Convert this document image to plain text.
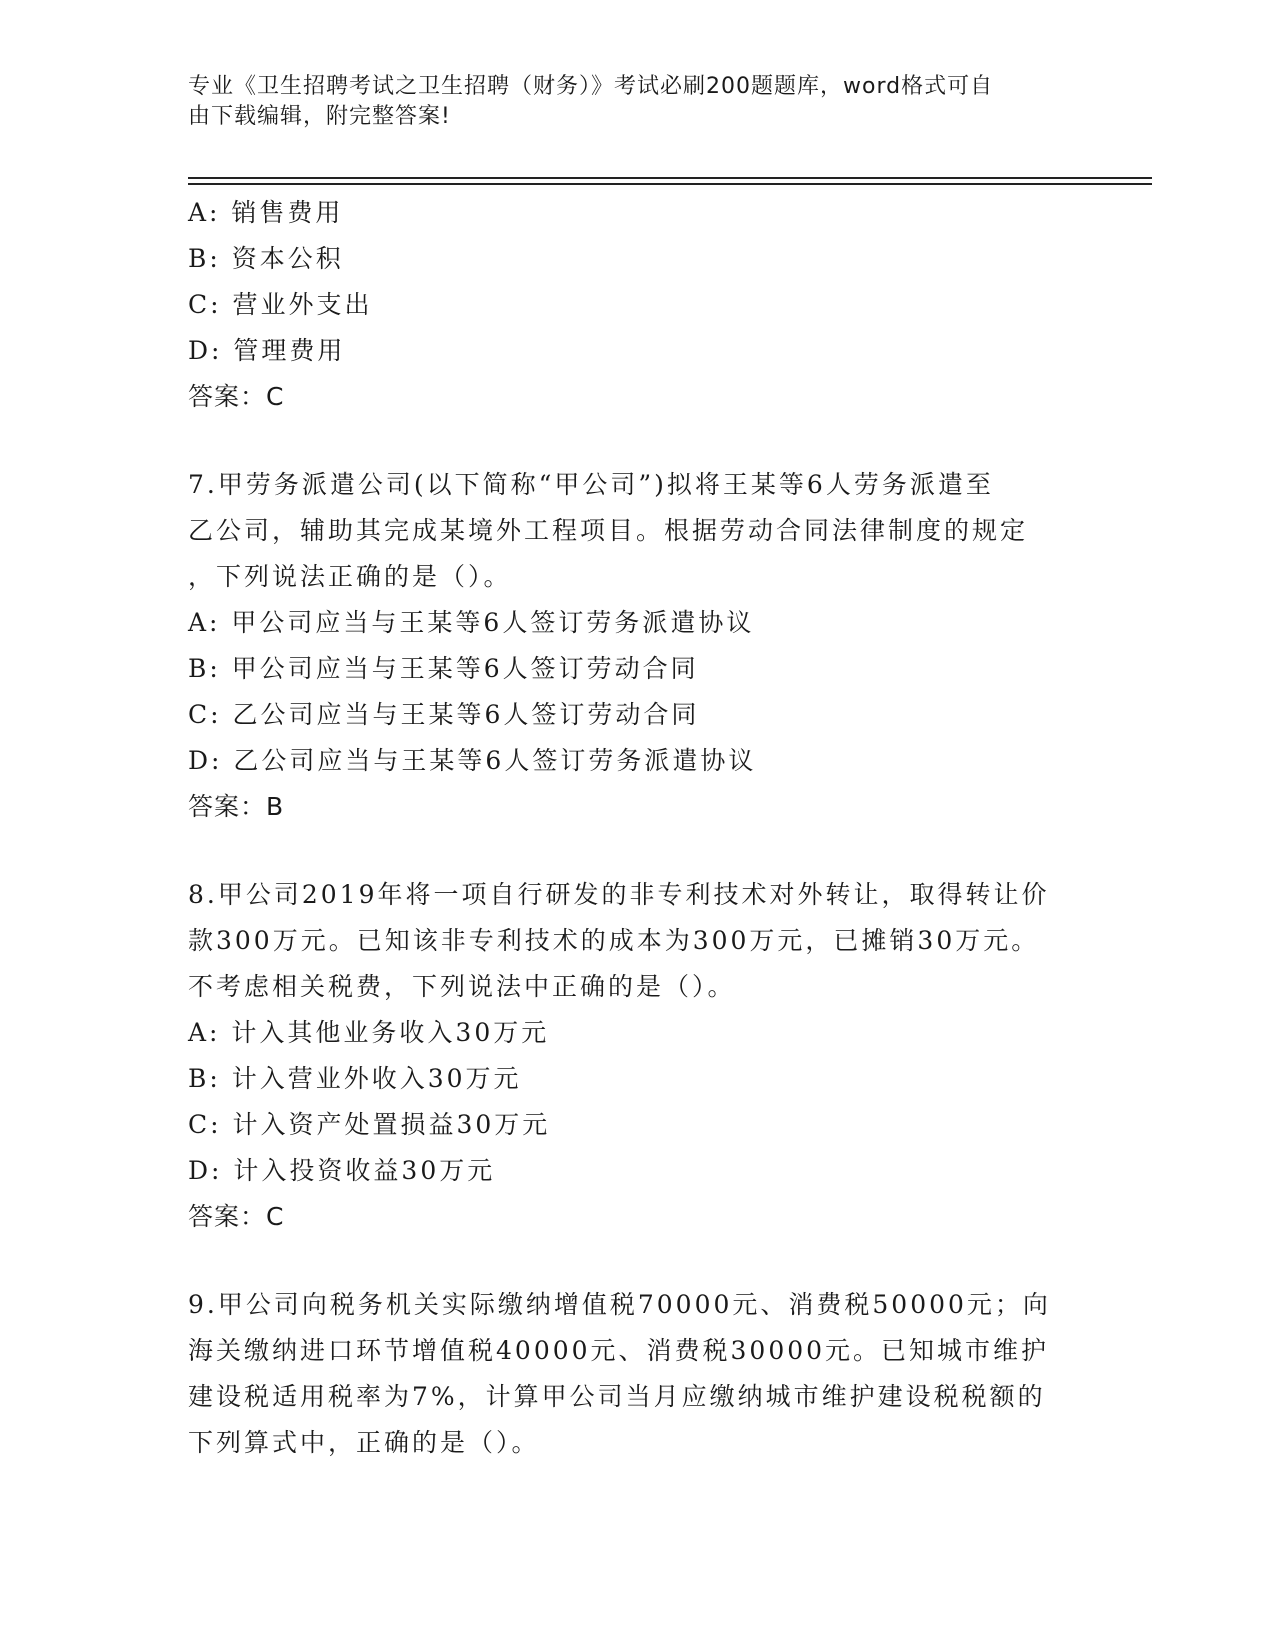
专业《卫生招聘考试之卫生招聘（财务）》考试必刷200题题库，word格式可自
由下载编辑，附完整答案!
A: 销售费用
B: 资本公积
C: 营业外支出
D: 管理费用
答案：C
7.甲劳务派遣公司(以下简称“甲公司”)拟将王某等6人劳务派遣至
乙公司，辅助其完成某境外工程项目。根据劳动合同法律制度的规定
，下列说法正确的是（）。
A: 甲公司应当与王某等6人签订劳务派遣协议
B: 甲公司应当与王某等6人签订劳动合同
C: 乙公司应当与王某等6人签订劳动合同
D: 乙公司应当与王某等6人签订劳务派遣协议
答案：B
8.甲公司2019年将一项自行研发的非专利技术对外转让，取得转让价
款300万元。已知该非专利技术的成本为300万元，已摊销30万元。
不考虑相关税费，下列说法中正确的是（）。
A: 计入其他业务收入30万元
B: 计入营业外收入30万元
C: 计入资产处置损益30万元
D: 计入投资收益30万元
答案：C
9.甲公司向税务机关实际缴纳增值税70000元、消费税50000元；向
海关缴纳进口环节增值税40000元、消费税30000元。已知城市维护
建设税适用税率为7%，计算甲公司当月应缴纳城市维护建设税税额的
下列算式中，正确的是（）。
